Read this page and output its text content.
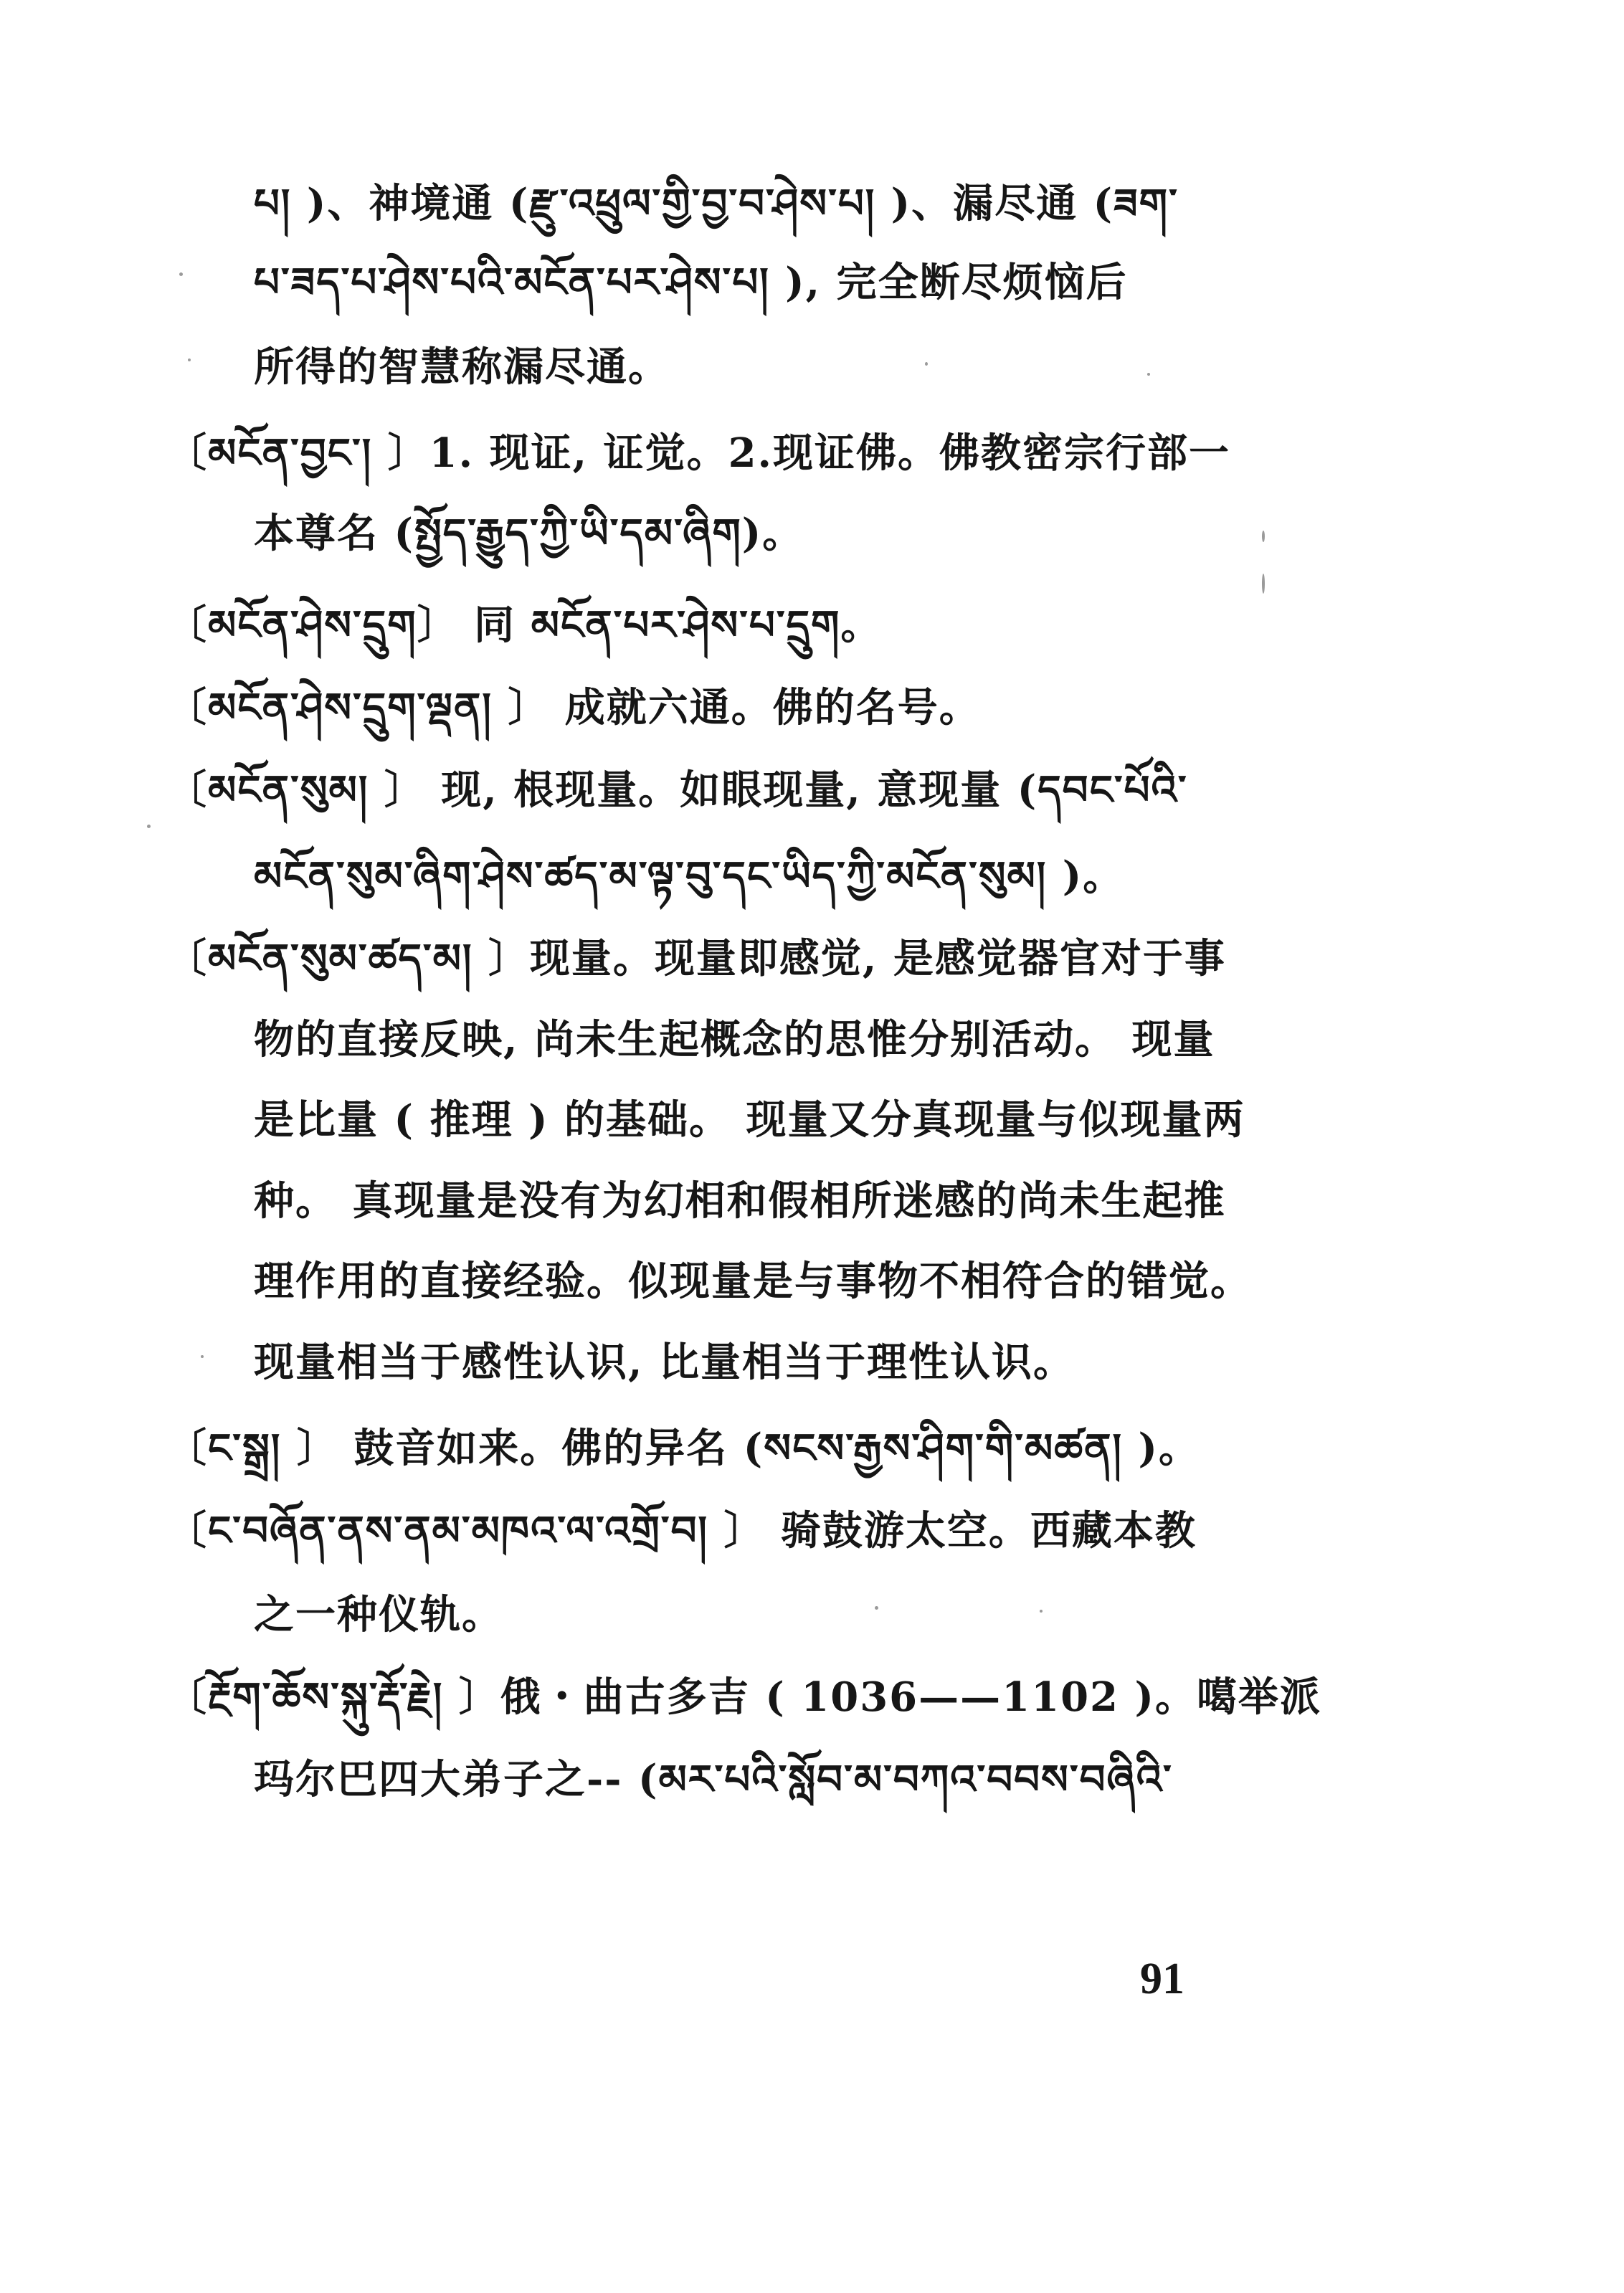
པ། )、神境通 (རྫུ་འཕྲུལ་གྱི་བྱ་བ་ཤེས་པ། )、漏尽通 (ཟག་
པ་ཟད་པ་ཤེས་པའི་མངོན་པར་ཤེས་པ། ), 完全断尽烦恼后
所得的智慧称漏尽通。
〔མངོན་བྱང་། 〕1. 现证, 证觉。2.现证佛。佛教密宗行部一
本尊名 (སྤྱོད་རྒྱུད་ཀྱི་ཡི་དམ་ཞིག)。
〔མངོན་ཤེས་དྲུག〕 同 མངོན་པར་ཤེས་པ་དྲུག。
〔མངོན་ཤེས་དྲུག་ལྡན། 〕 成就六通。佛的名号。
〔མངོན་སུམ། 〕 现, 根现量。如眼现量, 意现量 (དབང་པོའི་
མངོན་སུམ་ཞིག་ཤེས་ཚད་མ་ལྟ་བུ་དང་ཡིད་ཀྱི་མངོན་སུམ། )。
〔མངོན་སུམ་ཚད་མ། 〕现量。现量即感觉, 是感觉器官对于事
物的直接反映, 尚未生起概念的思惟分别活动。 现量
是比量 ( 推理 ) 的基础。 现量又分真现量与似现量两
种。 真现量是没有为幻相和假相所迷感的尚未生起推
理作用的直接经验。似现量是与事物不相符合的错觉。
现量相当于感性认识, 比量相当于理性认识。
〔ང་སྒྲ། 〕 鼓音如来。佛的异名 (སངས་རྒྱས་ཤིག་གི་མཚན། )。
〔ང་བཞོན་ནས་ནམ་མཁའ་ལ་འགྲོ་བ། 〕 骑鼓游太空。西藏本教
之一种仪轨。
〔རྔོག་ཆོས་སྐུ་རྡོ་རྗེ། 〕俄・曲古多吉 ( 1036——1102 )。噶举派
玛尔巴四大弟子之-- (མར་པའི་སློབ་མ་བཀའ་བབས་བཞིའི་
91
